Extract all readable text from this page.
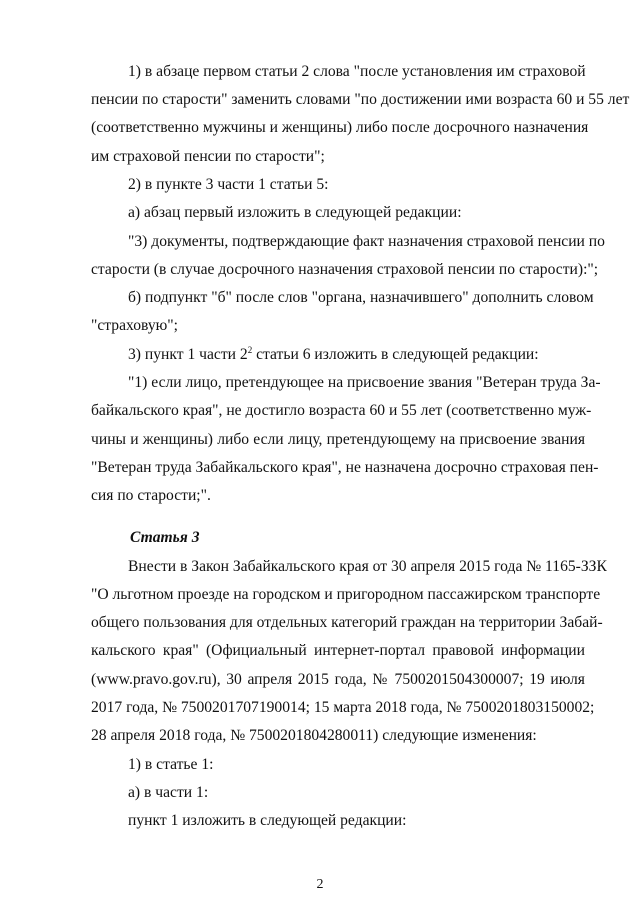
1) в абзаце первом статьи 2 слова "после установления им страховой
пенсии по старости" заменить словами "по достижении ими возраста 60 и 55 лет
(соответственно мужчины и женщины) либо после досрочного назначения
им страховой пенсии по старости";
2) в пункте 3 части 1 статьи 5:
а) абзац первый изложить в следующей редакции:
"3) документы, подтверждающие факт назначения страховой пенсии по
старости (в случае досрочного назначения страховой пенсии по старости):";
б) подпункт "б" после слов "органа, назначившего" дополнить словом
"страховую";
3) пункт 1 части $2^2$ статьи 6 изложить в следующей редакции:
"1) если лицо, претендующее на присвоение звания "Ветеран труда За-
байкальского края", не достигло возраста 60 и 55 лет (соответственно муж-
чины и женщины) либо если лицу, претендующему на присвоение звания
"Ветеран труда Забайкальского края", не назначена досрочно страховая пен-
сия по старости;".
Статья 3
Внести в Закон Забайкальского края от 30 апреля 2015 года № 1165-ЗЗК
"О льготном проезде на городском и пригородном пассажирском транспорте
общего пользования для отдельных категорий граждан на территории Забай-
кальского края" (Официальный интернет-портал правовой информации
(www.pravo.gov.ru), 30 апреля 2015 года, № 7500201504300007; 19 июля
2017 года, № 7500201707190014; 15 марта 2018 года, № 7500201803150002;
28 апреля 2018 года, № 7500201804280011) следующие изменения:
1) в статье 1:
а) в части 1:
пункт 1 изложить в следующей редакции:
2
